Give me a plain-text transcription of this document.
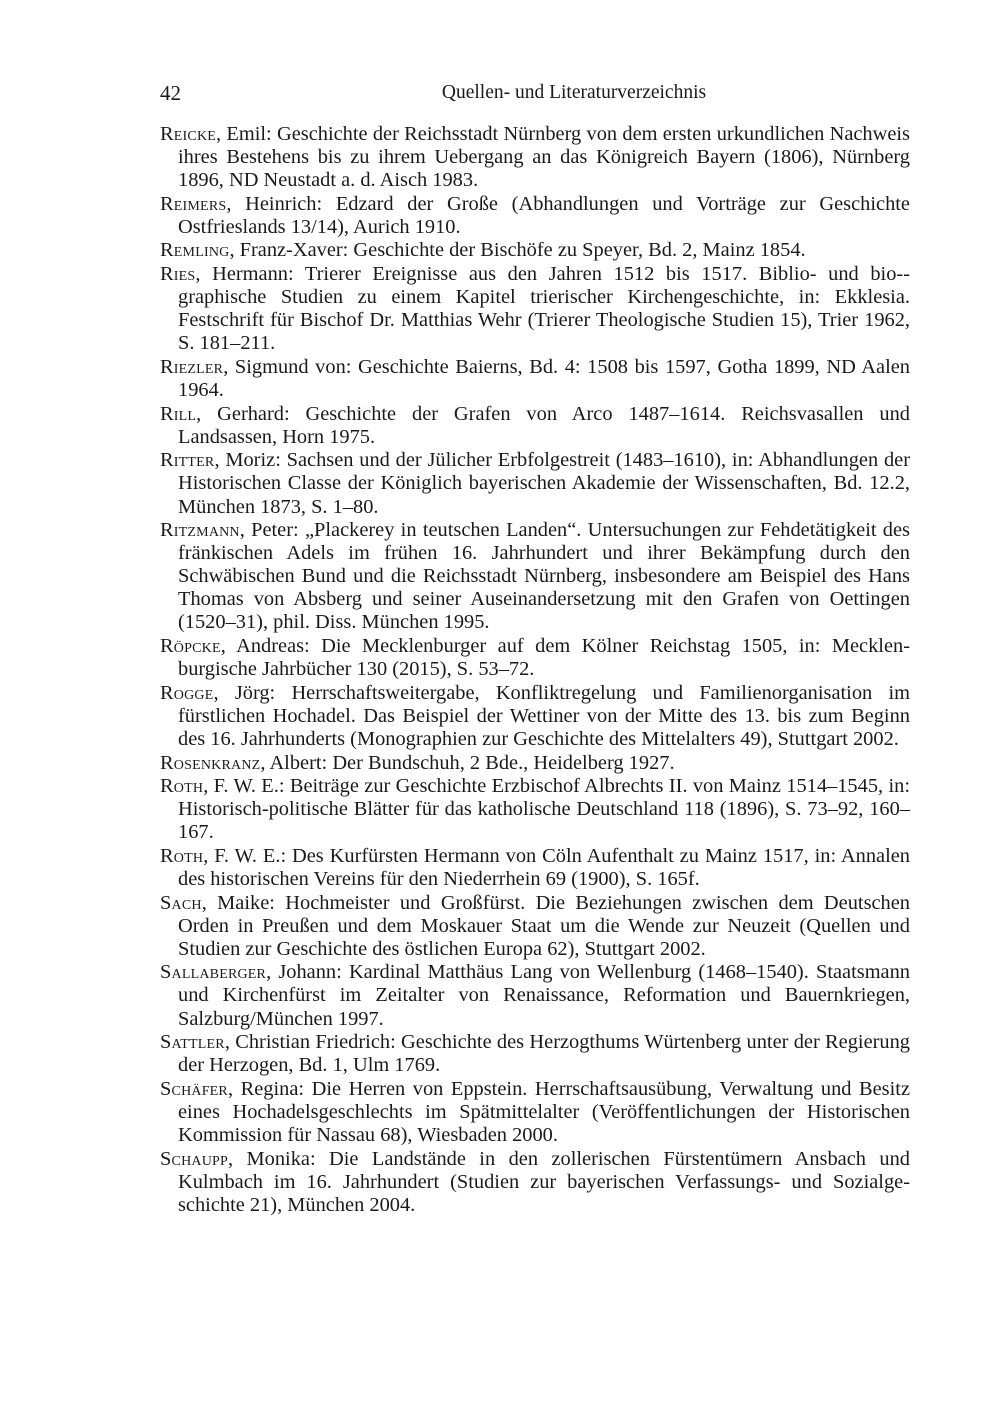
42	Quellen- und Literaturverzeichnis

Reicke, Emil: Geschichte der Reichsstadt Nürnberg von dem ersten urkundlichen Nachweis ihres Bestehens bis zu ihrem Uebergang an das Königreich Bayern (1806), Nürnberg 1896, ND Neustadt a. d. Aisch 1983.

Reimers, Heinrich: Edzard der Große (Abhandlungen und Vorträge zur Geschichte Ostfrieslands 13/14), Aurich 1910.

Remling, Franz-Xaver: Geschichte der Bischöfe zu Speyer, Bd. 2, Mainz 1854.

Ries, Hermann: Trierer Ereignisse aus den Jahren 1512 bis 1517. Biblio- und bio-graphische Studien zu einem Kapitel trierischer Kirchengeschichte, in: Ekklesia. Festschrift für Bischof Dr. Matthias Wehr (Trierer Theologische Studien 15), Trier 1962, S. 181–211.

Riezler, Sigmund von: Geschichte Baierns, Bd. 4: 1508 bis 1597, Gotha 1899, ND Aalen 1964.

Rill, Gerhard: Geschichte der Grafen von Arco 1487–1614. Reichsvasallen und Landsassen, Horn 1975.

Ritter, Moriz: Sachsen und der Jülicher Erbfolgestreit (1483–1610), in: Abhandlungen der Historischen Classe der Königlich bayerischen Akademie der Wissenschaften, Bd. 12.2, München 1873, S. 1–80.

Ritzmann, Peter: „Plackerey in teutschen Landen“. Untersuchungen zur Fehdetätigkeit des fränkischen Adels im frühen 16. Jahrhundert und ihrer Bekämpfung durch den Schwäbischen Bund und die Reichsstadt Nürnberg, insbesondere am Beispiel des Hans Thomas von Absberg und seiner Auseinandersetzung mit den Grafen von Oettingen (1520–31), phil. Diss. München 1995.

Röpcke, Andreas: Die Mecklenburger auf dem Kölner Reichstag 1505, in: Mecklenburgische Jahrbücher 130 (2015), S. 53–72.

Rogge, Jörg: Herrschaftsweitergabe, Konfliktregelung und Familienorganisation im fürstlichen Hochadel. Das Beispiel der Wettiner von der Mitte des 13. bis zum Beginn des 16. Jahrhunderts (Monographien zur Geschichte des Mittelalters 49), Stuttgart 2002.

Rosenkranz, Albert: Der Bundschuh, 2 Bde., Heidelberg 1927.

Roth, F. W. E.: Beiträge zur Geschichte Erzbischof Albrechts II. von Mainz 1514–1545, in: Historisch-politische Blätter für das katholische Deutschland 118 (1896), S. 73–92, 160–167.

Roth, F. W. E.: Des Kurfürsten Hermann von Cöln Aufenthalt zu Mainz 1517, in: Annalen des historischen Vereins für den Niederrhein 69 (1900), S. 165f.

Sach, Maike: Hochmeister und Großfürst. Die Beziehungen zwischen dem Deutschen Orden in Preußen und dem Moskauer Staat um die Wende zur Neuzeit (Quellen und Studien zur Geschichte des östlichen Europa 62), Stuttgart 2002.

Sallaberger, Johann: Kardinal Matthäus Lang von Wellenburg (1468–1540). Staatsmann und Kirchenfürst im Zeitalter von Renaissance, Reformation und Bauernkriegen, Salzburg/München 1997.

Sattler, Christian Friedrich: Geschichte des Herzogthums Würtenberg unter der Regierung der Herzogen, Bd. 1, Ulm 1769.

Schäfer, Regina: Die Herren von Eppstein. Herrschaftsausübung, Verwaltung und Besitz eines Hochadelsgeschlechts im Spätmittelalter (Veröffentlichungen der Historischen Kommission für Nassau 68), Wiesbaden 2000.

Schaupp, Monika: Die Landstände in den zollerischen Fürstentümern Ansbach und Kulmbach im 16. Jahrhundert (Studien zur bayerischen Verfassungs- und Sozialgeschichte 21), München 2004.
